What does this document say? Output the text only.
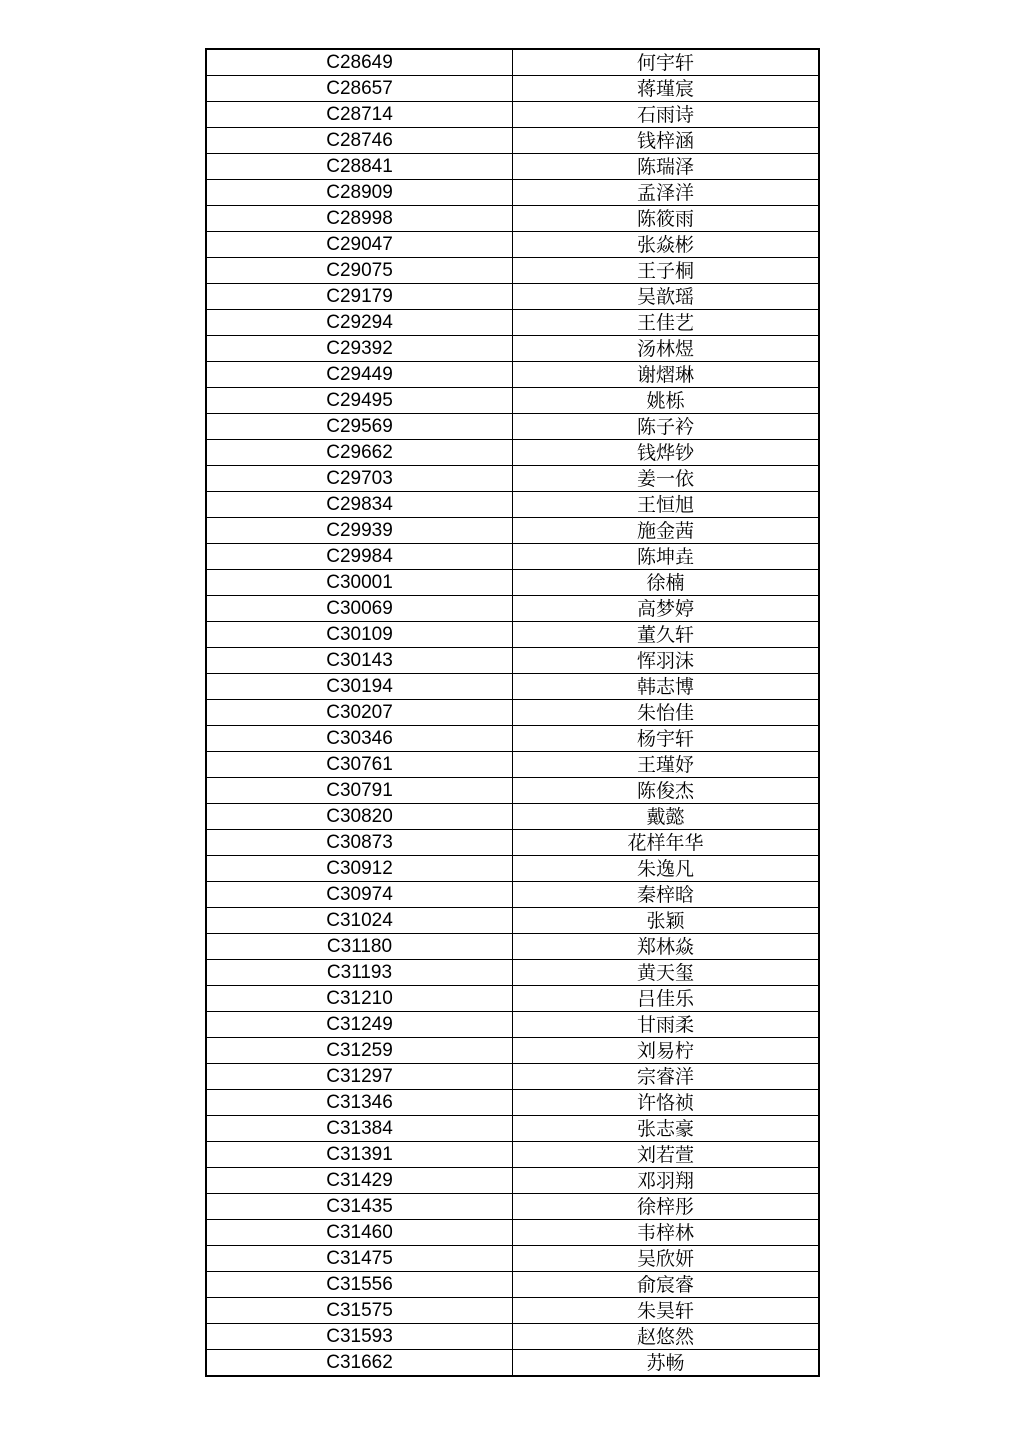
C28649	何宇轩
C28657	蒋瑾宸
C28714	石雨诗
C28746	钱梓涵
C28841	陈瑞泽
C28909	孟泽洋
C28998	陈筱雨
C29047	张焱彬
C29075	王子桐
C29179	吴歆瑶
C29294	王佳艺
C29392	汤林煜
C29449	谢熠琳
C29495	姚栎
C29569	陈子衿
C29662	钱烨钞
C29703	姜一依
C29834	王恒旭
C29939	施金茜
C29984	陈坤垚
C30001	徐楠
C30069	高梦婷
C30109	董久轩
C30143	恽羽沫
C30194	韩志博
C30207	朱怡佳
C30346	杨宇轩
C30761	王瑾妤
C30791	陈俊杰
C30820	戴懿
C30873	花样年华
C30912	朱逸凡
C30974	秦梓晗
C31024	张颖
C31180	郑林焱
C31193	黄天玺
C31210	吕佳乐
C31249	甘雨柔
C31259	刘易柠
C31297	宗睿洋
C31346	许恪祯
C31384	张志豪
C31391	刘若萱
C31429	邓羽翔
C31435	徐梓彤
C31460	韦梓林
C31475	吴欣妍
C31556	俞宸睿
C31575	朱昊轩
C31593	赵悠然
C31662	苏畅
